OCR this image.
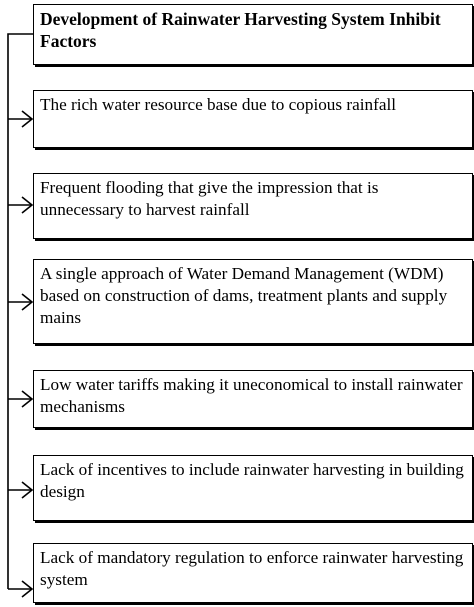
Development of Rainwater Harvesting System Inhibit Factors
The rich water resource base due to copious rainfall
Frequent flooding that give the impression that is unnecessary to harvest rainfall
A single approach of Water Demand Management (WDM) based on construction of dams, treatment plants and supply mains
Low water tariffs making it uneconomical to install rainwater mechanisms
Lack of incentives to include rainwater harvesting in building design
Lack of mandatory regulation to enforce rainwater harvesting system
